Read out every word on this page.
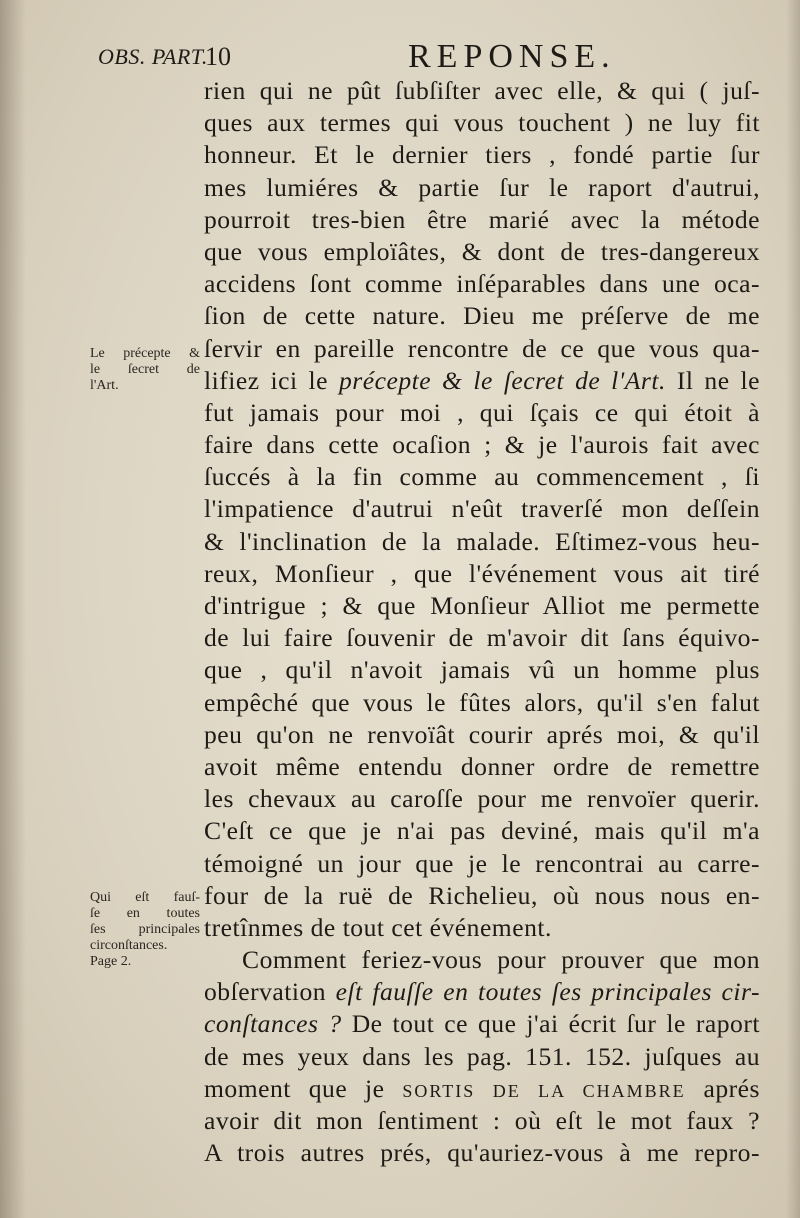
OBS. PART.
10	REPONSE.
Le précepte &
le ſecret de
l'Art.
Qui eſt fauſ-
ſe en toutes
ſes principales
circonſtances.
Page 2.
rien qui ne pût ſubſiſter avec elle, & qui ( juſ-
ques aux termes qui vous touchent ) ne luy fit
honneur. Et le dernier tiers , fondé partie ſur
mes lumiéres & partie ſur le raport d'autrui,
pourroit tres-bien être marié avec la métode
que vous emploïâtes, & dont de tres-dangereux
accidens ſont comme inſéparables dans une oca-
ſion de cette nature. Dieu me préſerve de me
ſervir en pareille rencontre de ce que vous qua-
lifiez ici le précepte & le ſecret de l'Art. Il ne le
fut jamais pour moi , qui ſçais ce qui étoit à
faire dans cette ocaſion ; & je l'aurois fait avec
ſuccés à la fin comme au commencement , ſi
l'impatience d'autrui n'eût traverſé mon deſſein
& l'inclination de la malade. Eſtimez-vous heu-
reux, Monſieur , que l'événement vous ait tiré
d'intrigue ; & que Monſieur Alliot me permette
de lui faire ſouvenir de m'avoir dit ſans équivo-
que , qu'il n'avoit jamais vû un homme plus
empêché que vous le fûtes alors, qu'il s'en falut
peu qu'on ne renvoïât courir aprés moi, & qu'il
avoit même entendu donner ordre de remettre
les chevaux au caroſſe pour me renvoïer querir.
C'eſt ce que je n'ai pas deviné, mais qu'il m'a
témoigné un jour que je le rencontrai au carre-
four de la ruë de Richelieu, où nous nous en-
tretînmes de tout cet événement.
Comment feriez-vous pour prouver que mon
obſervation eſt fauſſe en toutes ſes principales cir-
conſtances ? De tout ce que j'ai écrit ſur le raport
de mes yeux dans les pag. 151. 152. juſques au
moment que je SORTIS DE LA CHAMBRE aprés
avoir dit mon ſentiment : où eſt le mot faux ?
A trois autres prés, qu'auriez-vous à me repro-
